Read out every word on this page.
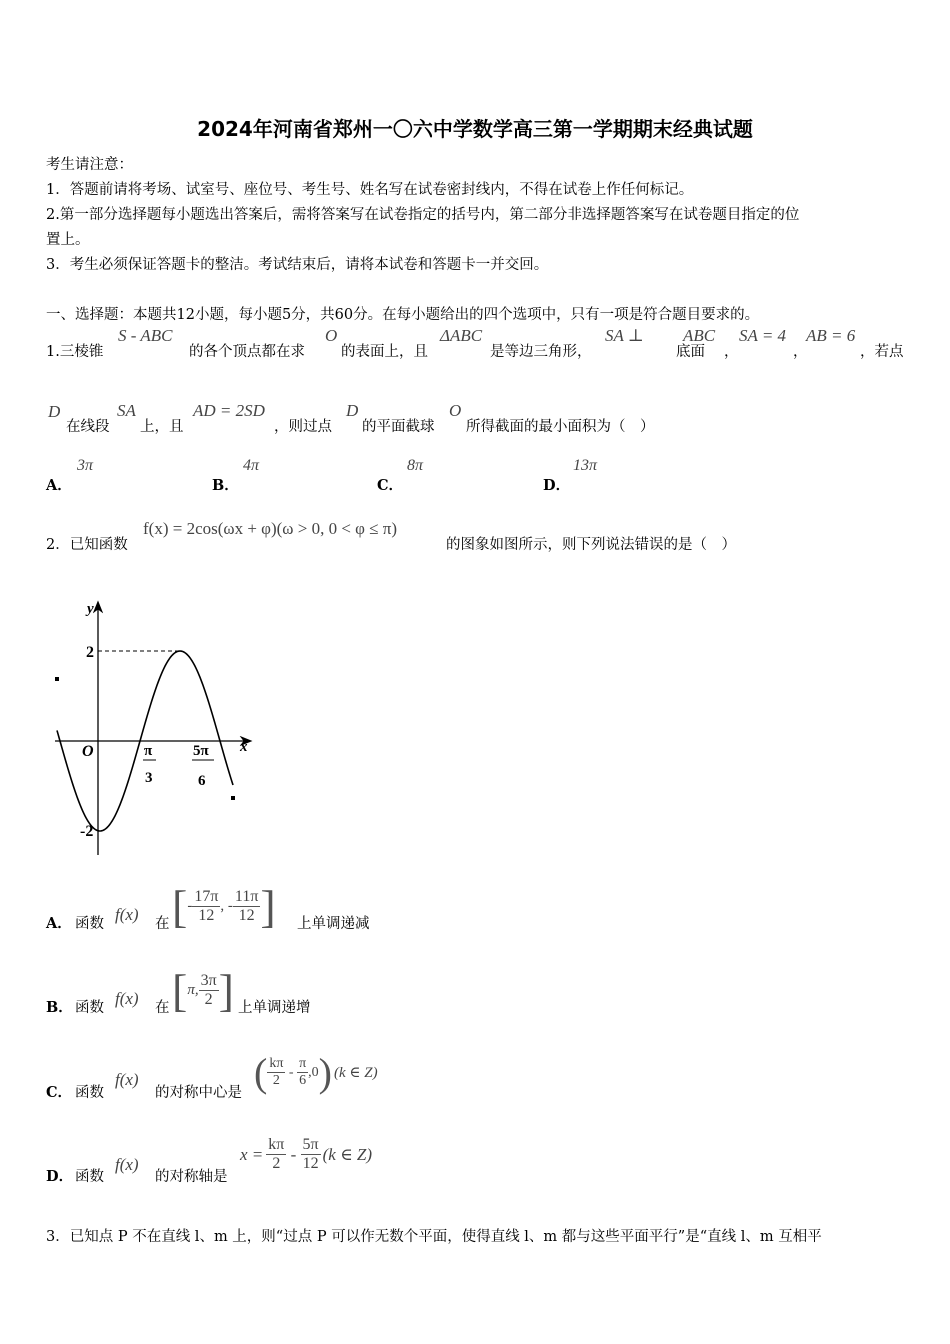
2024年河南省郑州一〇六中学数学高三第一学期期末经典试题
考生请注意：
1．答题前请将考场、试室号、座位号、考生号、姓名写在试卷密封线内，不得在试卷上作任何标记。
2.第一部分选择题每小题选出答案后，需将答案写在试卷指定的括号内，第二部分非选择题答案写在试卷题目指定的位
置上。
3．考生必须保证答题卡的整洁。考试结束后，请将本试卷和答题卡一并交回。
一、选择题：本题共12小题，每小题5分，共60分。在每小题给出的四个选项中，只有一项是符合题目要求的。
1.三棱锥
S - ABC
的各个顶点都在求
O
的表面上，且
ΔABC
是等边三角形，
SA ⊥
底面
ABC
，
SA = 4
，
AB = 6
，若点
D
在线段
SA
上，且
AD = 2SD
，则过点
D
的平面截球
O
所得截面的最小面积为（　）
A．
3π
B．
4π
C．
8π
D．
13π
2．已知函数
f(x) = 2cos(ωx + φ)(ω > 0, 0 < φ ≤ π)
的图象如图所示，则下列说法错误的是（　）
y
x
O
2
-2
π
3
5π
6
A． 函数 f(x) 在 [ - $\frac{17\pi}{12}$ , - $\frac{11\pi}{12}$ ] 上单调递减
B． 函数 f(x) 在 [ π, $\frac{3\pi}{2}$ ] 上单调递增
C． 函数
f(x)
的对称中心是 ( $\frac{k\pi}{2} - \frac{\pi}{6} ,0$ ) (k ∈ Z)
D． 函数
f(x)
的对称轴是
$x = \frac{k\pi}{2} - \frac{5\pi}{12} (k$ ∈ Z)
3．已知点 P 不在直线 l、m 上，则“过点 P 可以作无数个平面，使得直线 l、m 都与这些平面平行”是“直线 l、m 互相平
